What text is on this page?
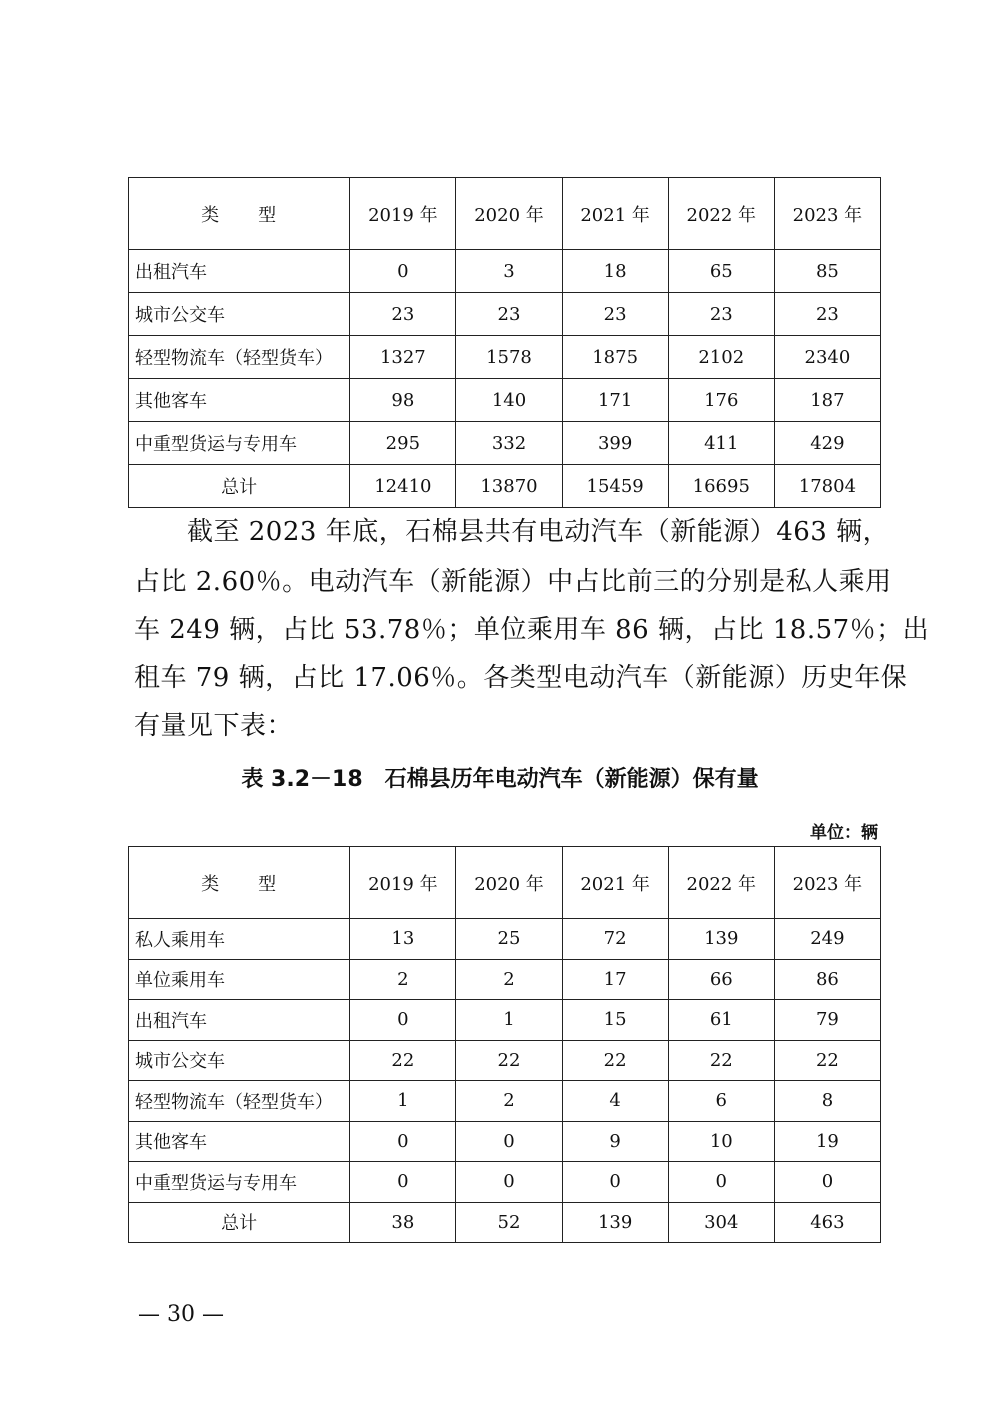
类　　型	2019 年	2020 年	2021 年	2022 年	2023 年
出租汽车	0	3	18	65	85
城市公交车	23	23	23	23	23
轻型物流车（轻型货车）	1327	1578	1875	2102	2340
其他客车	98	140	171	176	187
中重型货运与专用车	295	332	399	411	429
总计	12410	13870	15459	16695	17804
　　截至 2023 年底，石棉县共有电动汽车（新能源）463 辆，
占比 2.60％。电动汽车（新能源）中占比前三的分别是私人乘用
车 249 辆，占比 53.78％；单位乘用车 86 辆，占比 18.57％；出
租车 79 辆，占比 17.06％。各类型电动汽车（新能源）历史年保
有量见下表：
表 3.2－18　石棉县历年电动汽车（新能源）保有量
单位：辆
类　　型	2019 年	2020 年	2021 年	2022 年	2023 年
私人乘用车	13	25	72	139	249
单位乘用车	2	2	17	66	86
出租汽车	0	1	15	61	79
城市公交车	22	22	22	22	22
轻型物流车（轻型货车）	1	2	4	6	8
其他客车	0	0	9	10	19
中重型货运与专用车	0	0	0	0	0
总计	38	52	139	304	463
— 30 —
